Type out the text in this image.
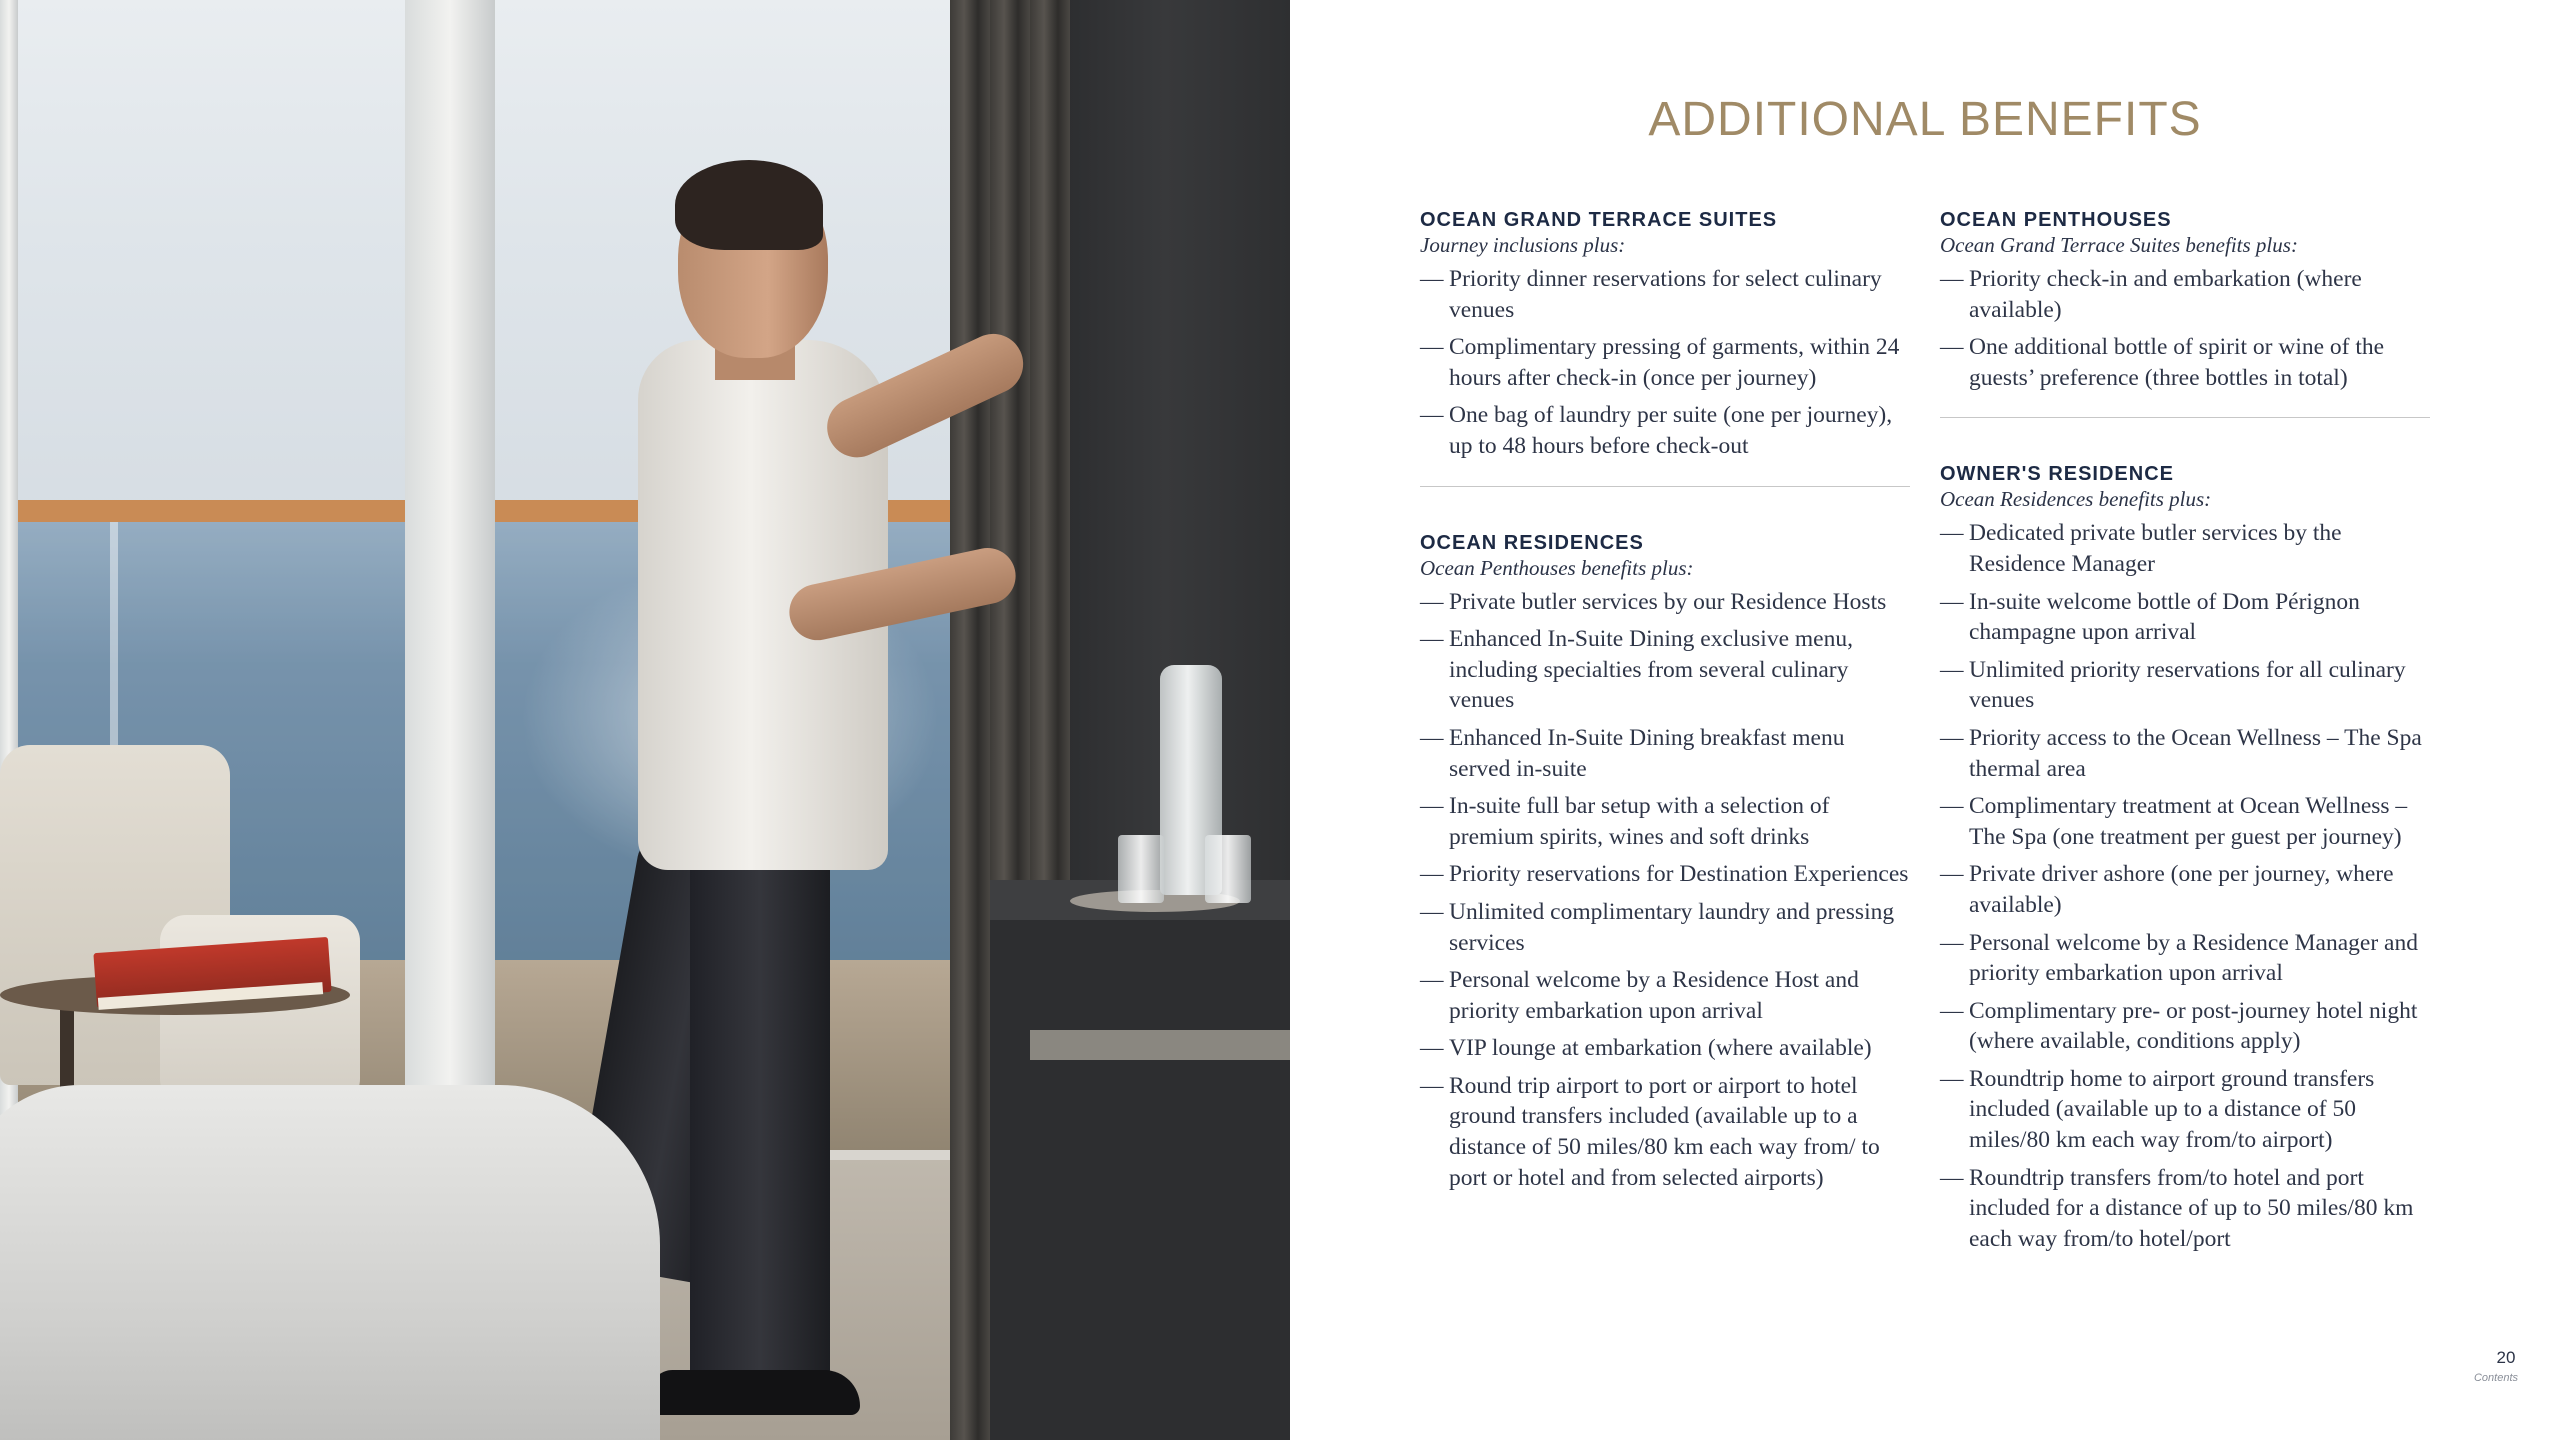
ADDITIONAL BENEFITS
OCEAN GRAND TERRACE SUITES
Journey inclusions plus:
— Priority dinner reservations for select culinary venues
— Complimentary pressing of garments, within 24 hours after check-in (once per journey)
— One bag of laundry per suite (one per journey), up to 48 hours before check-out
OCEAN RESIDENCES
Ocean Penthouses benefits plus:
— Private butler services by our Residence Hosts
— Enhanced In-Suite Dining exclusive menu, including specialties from several culinary venues
— Enhanced In-Suite Dining breakfast menu served in-suite
— In-suite full bar setup with a selection of premium spirits, wines and soft drinks
— Priority reservations for Destination Experiences
— Unlimited complimentary laundry and pressing services
— Personal welcome by a Residence Host and priority embarkation upon arrival
— VIP lounge at embarkation (where available)
— Round trip airport to port or airport to hotel ground transfers included (available up to a distance of 50 miles/80 km each way from/ to port or hotel and from selected airports)
OCEAN PENTHOUSES
Ocean Grand Terrace Suites benefits plus:
— Priority check-in and embarkation (where available)
— One additional bottle of spirit or wine of the guests’ preference (three bottles in total)
OWNER'S RESIDENCE
Ocean Residences benefits plus:
— Dedicated private butler services by the Residence Manager
— In-suite welcome bottle of Dom Pérignon champagne upon arrival
— Unlimited priority reservations for all culinary venues
— Priority access to the Ocean Wellness – The Spa thermal area
— Complimentary treatment at Ocean Wellness – The Spa (one treatment per guest per journey)
— Private driver ashore (one per journey, where available)
— Personal welcome by a Residence Manager and priority embarkation upon arrival
— Complimentary pre- or post-journey hotel night (where available, conditions apply)
— Roundtrip home to airport ground transfers included (available up to a distance of 50 miles/80 km each way from/to airport)
— Roundtrip transfers from/to hotel and port included for a distance of up to 50 miles/80 km each way from/to hotel/port
20
Contents
